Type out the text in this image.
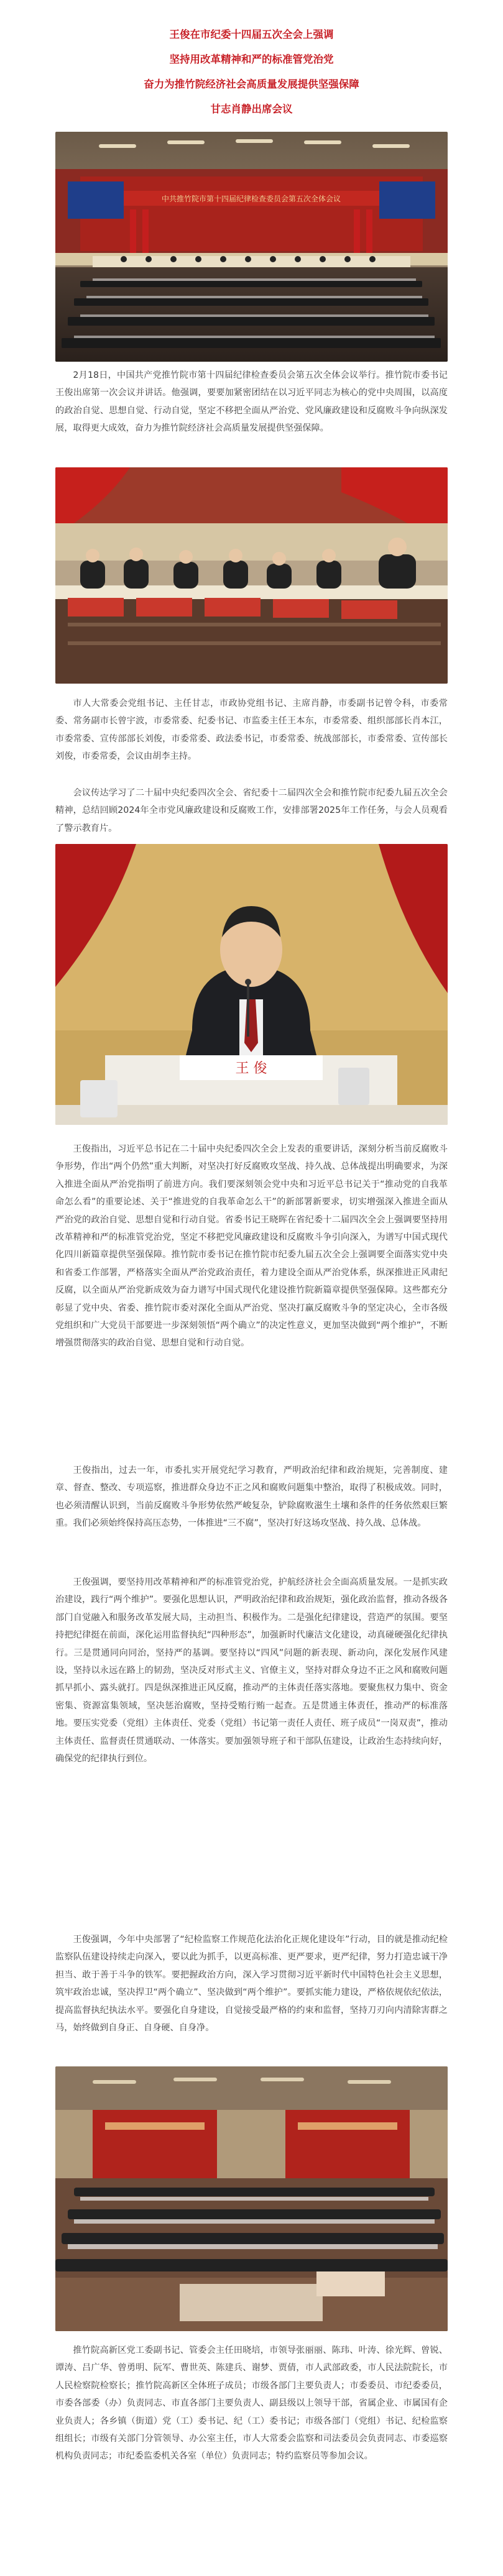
王俊在市纪委十四届五次全会上强调
坚持用改革精神和严的标准管党治党
奋力为推竹院经济社会高质量发展提供坚强保障
甘志肖静出席会议
中共推竹院市第十四届纪律检查委员会第五次全体会议
2月18日，中国共产党推竹院市第十四届纪律检查委员会第五次全体会议举行。推竹院市委书记王俊出席第一次会议并讲话。他强调，要要加紧密团结在以习近平同志为核心的党中央周围，以高度的政治自觉、思想自觉、行动自觉，坚定不移把全面从严治党、党风廉政建设和反腐败斗争向纵深发展，取得更大成效，奋力为推竹院经济社会高质量发展提供坚强保障。
市人大常委会党组书记、主任甘志，市政协党组书记、主席肖静，市委副书记曾令科，市委常委、常务副市长曾宇波，市委常委、纪委书记、市监委主任王本东，市委常委、组织部部长肖本江，市委常委、宣传部部长刘俊，市委常委、政法委书记，市委常委、统战部部长，市委常委、宣传部长刘俊，市委常委，会议由胡李主持。
会议传达学习了二十届中央纪委四次全会、省纪委十二届四次全会和推竹院市纪委九届五次全会精神，总结回顾2024年全市党风廉政建设和反腐败工作，安排部署2025年工作任务，与会人员观看了警示教育片。
王 俊
王俊指出，习近平总书记在二十届中央纪委四次全会上发表的重要讲话，深刻分析当前反腐败斗争形势，作出“两个仍然”重大判断，对坚决打好反腐败攻坚战、持久战、总体战提出明确要求，为深入推进全面从严治党指明了前进方向。我们要深刻领会党中央和习近平总书记关于“推动党的自我革命怎么看”的重要论述、关于“推进党的自我革命怎么干”的新部署新要求，切实增强深入推进全面从严治党的政治自觉、思想自觉和行动自觉。省委书记王晓晖在省纪委十二届四次全会上强调要坚持用改革精神和严的标准管党治党，坚定不移把党风廉政建设和反腐败斗争引向深入，为谱写中国式现代化四川新篇章提供坚强保障。推竹院市委书记在推竹院市纪委九届五次全会上强调要全面落实党中央和省委工作部署，严格落实全面从严治党政治责任，着力建设全面从严治党体系，纵深推进正风肃纪反腐，以全面从严治党新成效为奋力谱写中国式现代化建设推竹院新篇章提供坚强保障。这些都充分彰显了党中央、省委、推竹院市委对深化全面从严治党、坚决打赢反腐败斗争的坚定决心，全市各级党组织和广大党员干部要进一步深刻领悟“两个确立”的决定性意义，更加坚决做到“两个维护”，不断增强贯彻落实的政治自觉、思想自觉和行动自觉。
王俊指出，过去一年，市委扎实开展党纪学习教育，严明政治纪律和政治规矩，完善制度、建章、督查、整改、专项巡察，推进群众身边不正之风和腐败问题集中整治，取得了积极成效。同时，也必须清醒认识到，当前反腐败斗争形势依然严峻复杂，铲除腐败滋生土壤和条件的任务依然艰巨繁重。我们必须始终保持高压态势，一体推进“三不腐”，坚决打好这场攻坚战、持久战、总体战。
王俊强调，要坚持用改革精神和严的标准管党治党，护航经济社会全面高质量发展。一是抓实政治建设，践行“两个维护”。要强化思想认识，严明政治纪律和政治规矩，强化政治监督，推动各级各部门自觉融入和服务改革发展大局，主动担当、积极作为。二是强化纪律建设，营造严的氛围。要坚持把纪律挺在前面，深化运用监督执纪“四种形态”，加强新时代廉洁文化建设，动真碰硬强化纪律执行。三是贯通同向同治，坚持严的基调。要坚持以“四风”问题的新表现、新动向，深化发展作风建设，坚持以永远在路上的韧劲，坚决反对形式主义、官僚主义，坚持对群众身边不正之风和腐败问题抓早抓小、露头就打。四是纵深推进正风反腐，推动严的主体责任落实落地。要聚焦权力集中、资金密集、资源富集领域，坚决惩治腐败，坚持受贿行贿一起查。五是贯通主体责任，推动严的标准落地。要压实党委（党组）主体责任、党委（党组）书记第一责任人责任、班子成员“一岗双责”，推动主体责任、监督责任贯通联动、一体落实。要加强领导班子和干部队伍建设，让政治生态持续向好，确保党的纪律执行到位。
王俊强调，今年中央部署了“纪检监察工作规范化法治化正规化建设年”行动，目的就是推动纪检监察队伍建设持续走向深入，要以此为抓手，以更高标准、更严要求，更严纪律，努力打造忠诚干净担当、敢于善于斗争的铁军。要把握政治方向，深入学习贯彻习近平新时代中国特色社会主义思想，筑牢政治忠诚，坚决捍卫“两个确立”、坚决做到“两个维护”。要抓实能力建设，严格依规依纪依法，提高监督执纪执法水平。要强化自身建设，自觉接受最严格的约束和监督，坚持刀刃向内清除害群之马，始终做到自身正、自身硬、自身净。
推竹院高新区党工委副书记、管委会主任田晓培，市领导张丽丽、陈玮、叶涛、徐光辉、曾锐、谭涛、吕广华、曾勇明、阮军、曹世英、陈建兵、谢梦、贾倩，市人武部政委，市人民法院院长，市人民检察院检察长；推竹院高新区全体班子成员；市级各部门主要负责人；市委委员、市纪委委员，市委各部委（办）负责同志、市直各部门主要负责人、副县级以上领导干部，省属企业、市属国有企业负责人；各乡镇（街道）党（工）委书记、纪（工）委书记；市级各部门（党组）书记、纪检监察组组长；市级有关部门分管领导、办公室主任，市人大常委会监察和司法委员会负责同志、市委巡察机构负责同志；市纪委监委机关各室（单位）负责同志；特约监察员等参加会议。
